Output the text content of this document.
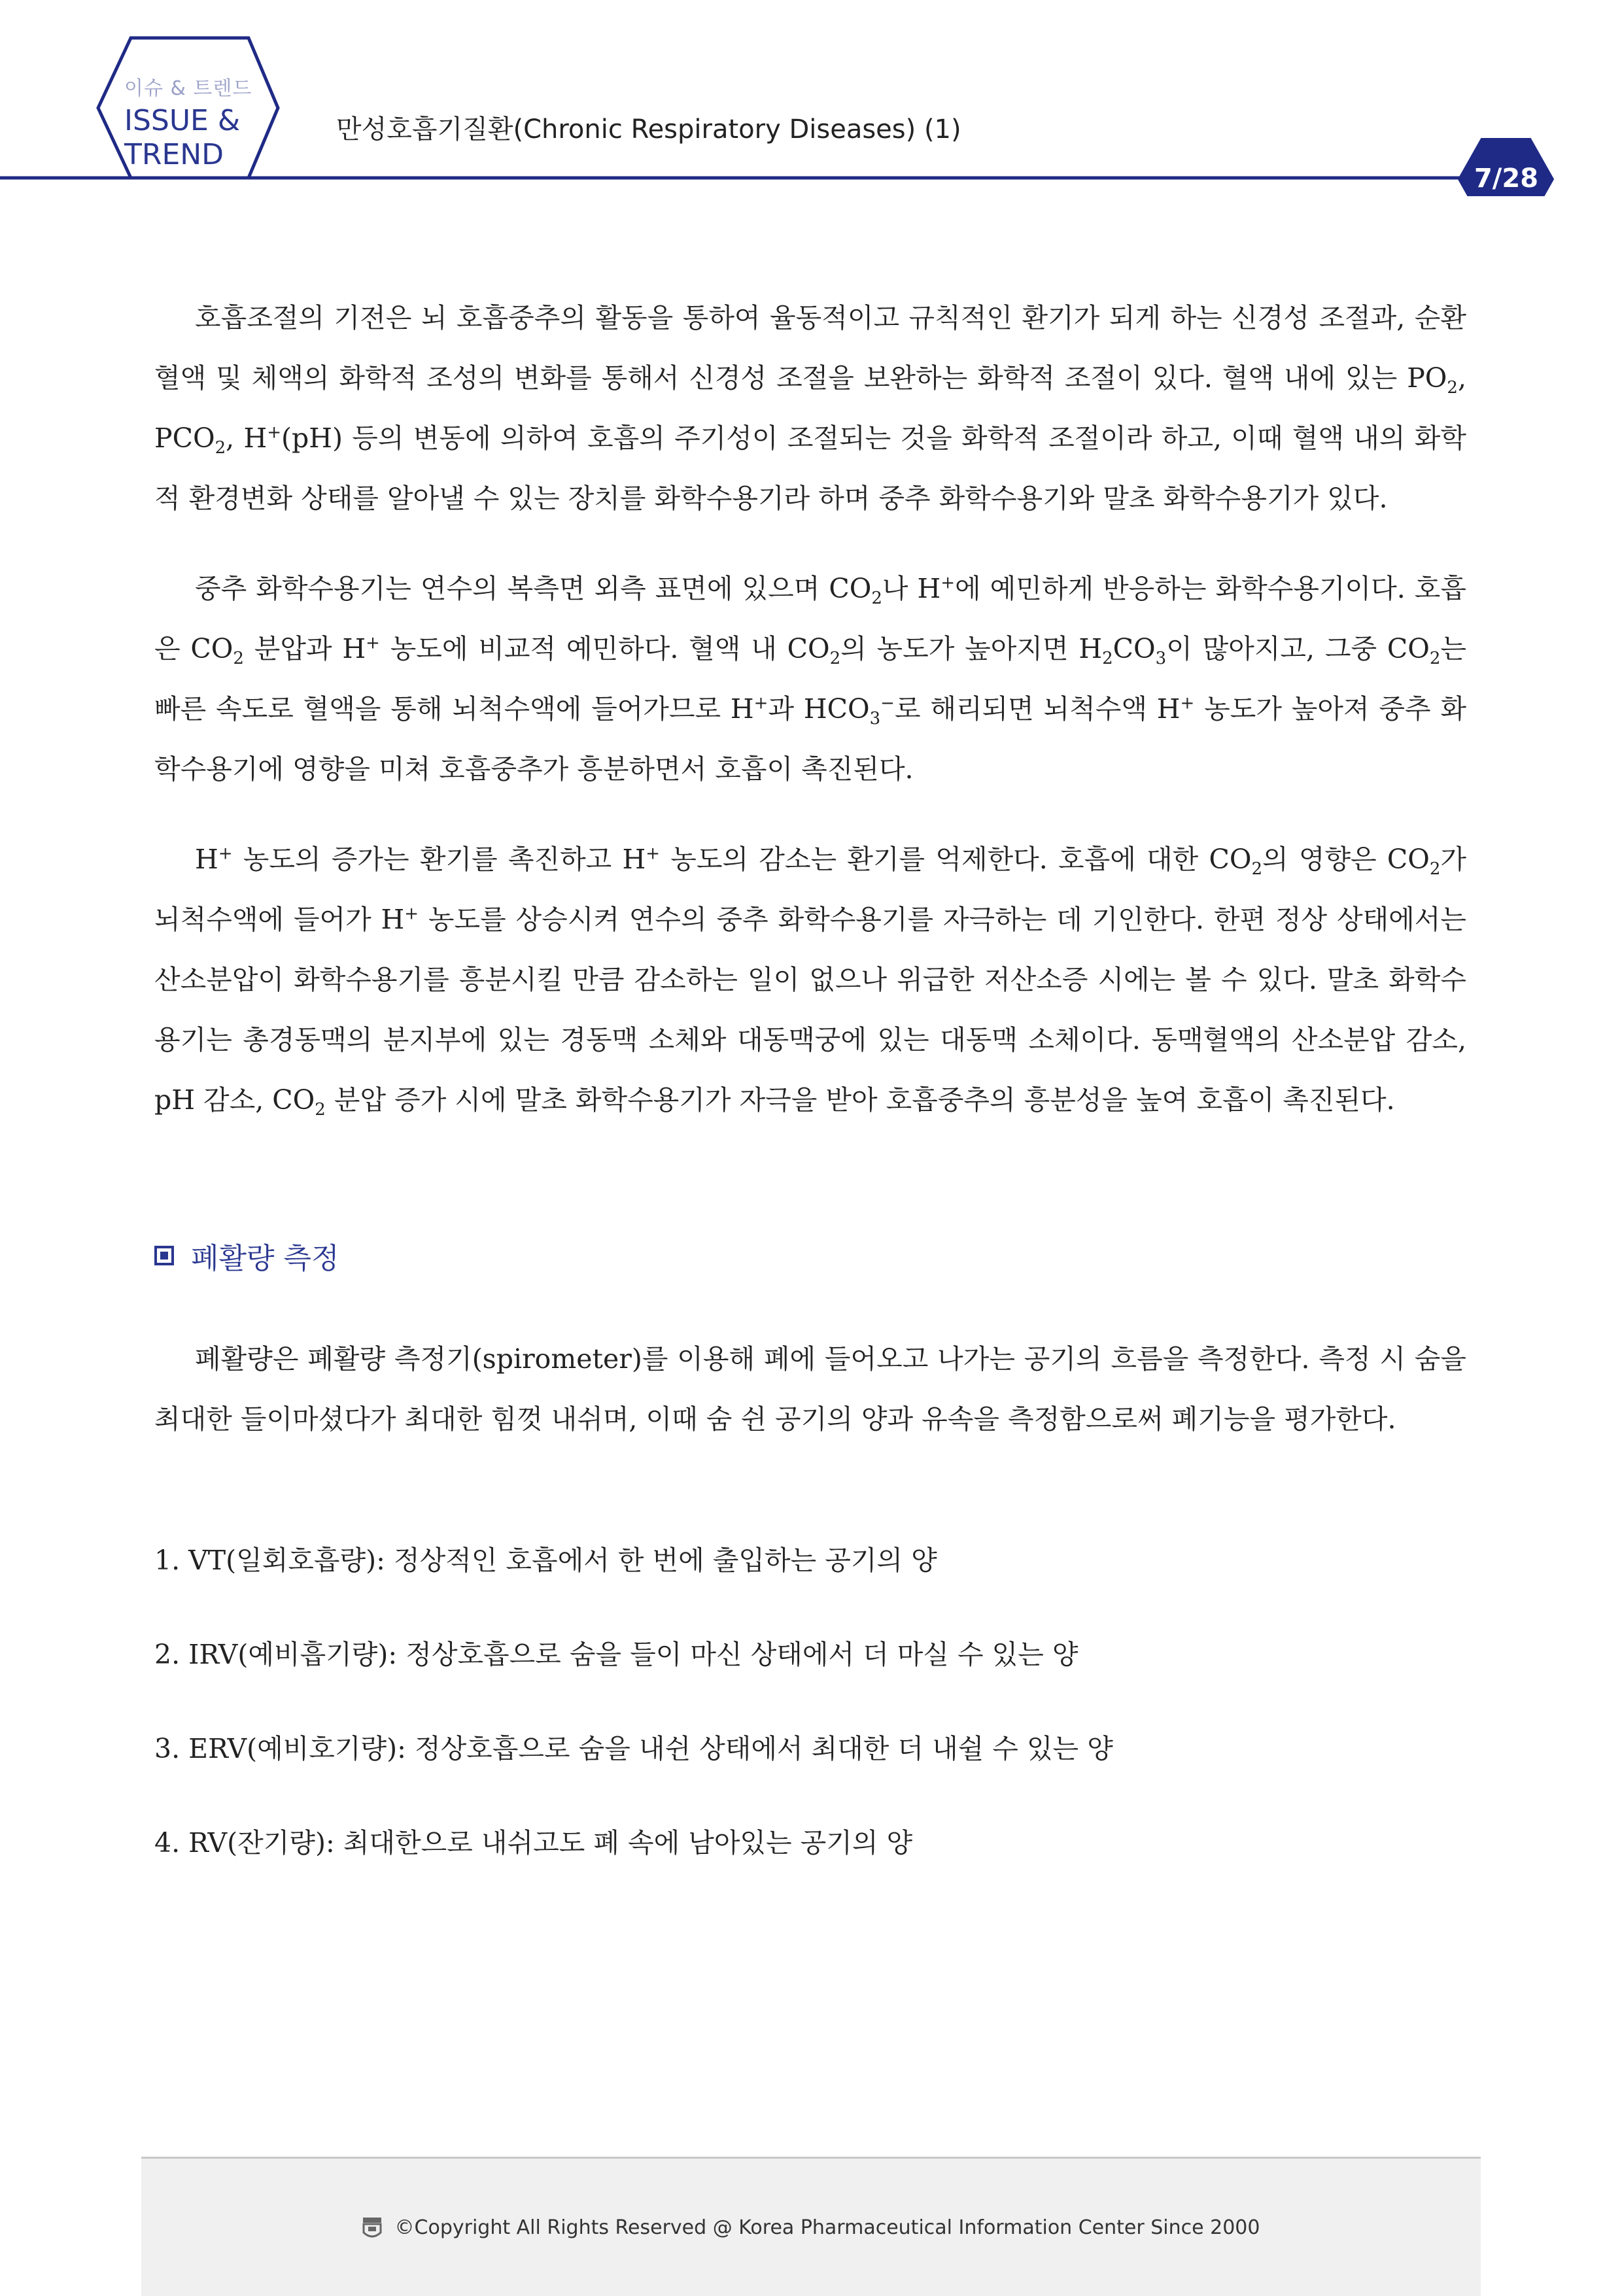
이슈 & 트렌드
ISSUE &
TREND
만성호흡기질환(Chronic Respiratory Diseases) (1)
7/28

호흡조절의 기전은 뇌 호흡중추의 활동을 통하여 율동적이고 규칙적인 환기가 되게 하는 신경성 조절과, 순환혈액 및 체액의 화학적 조성의 변화를 통해서 신경성 조절을 보완하는 화학적 조절이 있다. 혈액 내에 있는 $PO_2$, $PCO_2$, H+(pH) 등의 변동에 의하여 호흡의 주기성이 조절되는 것을 화학적 조절이라 하고, 이때 혈액 내의 화학적 환경변화 상태를 알아낼 수 있는 장치를 화학수용기라 하며 중추 화학수용기와 말초 화학수용기가 있다.

중추 화학수용기는 연수의 복측면 외측 표면에 있으며 $CO_2$나 H+에 예민하게 반응하는 화학수용기이다. 호흡은 $CO_2$ 분압과 H+ 농도에 비교적 예민하다. 혈액 내 $CO_2$의 농도가 높아지면 $H_2CO_3$이 많아지고, 그중 $CO_2$는 빠른 속도로 혈액을 통해 뇌척수액에 들어가므로 H+과 $HCO_3^-$로 해리되면 뇌척수액 H+ 농도가 높아져 중추 화학수용기에 영향을 미쳐 호흡중추가 흥분하면서 호흡이 촉진된다.

H+ 농도의 증가는 환기를 촉진하고 H+ 농도의 감소는 환기를 억제한다. 호흡에 대한 $CO_2$의 영향은 $CO_2$가 뇌척수액에 들어가 H+ 농도를 상승시켜 연수의 중추 화학수용기를 자극하는 데 기인한다. 한편 정상 상태에서는 산소분압이 화학수용기를 흥분시킬 만큼 감소하는 일이 없으나 위급한 저산소증 시에는 볼 수 있다. 말초 화학수용기는 총경동맥의 분지부에 있는 경동맥 소체와 대동맥궁에 있는 대동맥 소체이다. 동맥혈액의 산소분압 감소, pH 감소, $CO_2$ 분압 증가 시에 말초 화학수용기가 자극을 받아 호흡중추의 흥분성을 높여 호흡이 촉진된다.

폐활량 측정

폐활량은 폐활량 측정기(spirometer)를 이용해 폐에 들어오고 나가는 공기의 흐름을 측정한다. 측정 시 숨을 최대한 들이마셨다가 최대한 힘껏 내쉬며, 이때 숨 쉰 공기의 양과 유속을 측정함으로써 폐기능을 평가한다.

1. VT(일회호흡량): 정상적인 호흡에서 한 번에 출입하는 공기의 양
2. IRV(예비흡기량): 정상호흡으로 숨을 들이 마신 상태에서 더 마실 수 있는 양
3. ERV(예비호기량): 정상호흡으로 숨을 내쉰 상태에서 최대한 더 내쉴 수 있는 양
4. RV(잔기량): 최대한으로 내쉬고도 폐 속에 남아있는 공기의 양
©Copyright All Rights Reserved @ Korea Pharmaceutical Information Center Since 2000
